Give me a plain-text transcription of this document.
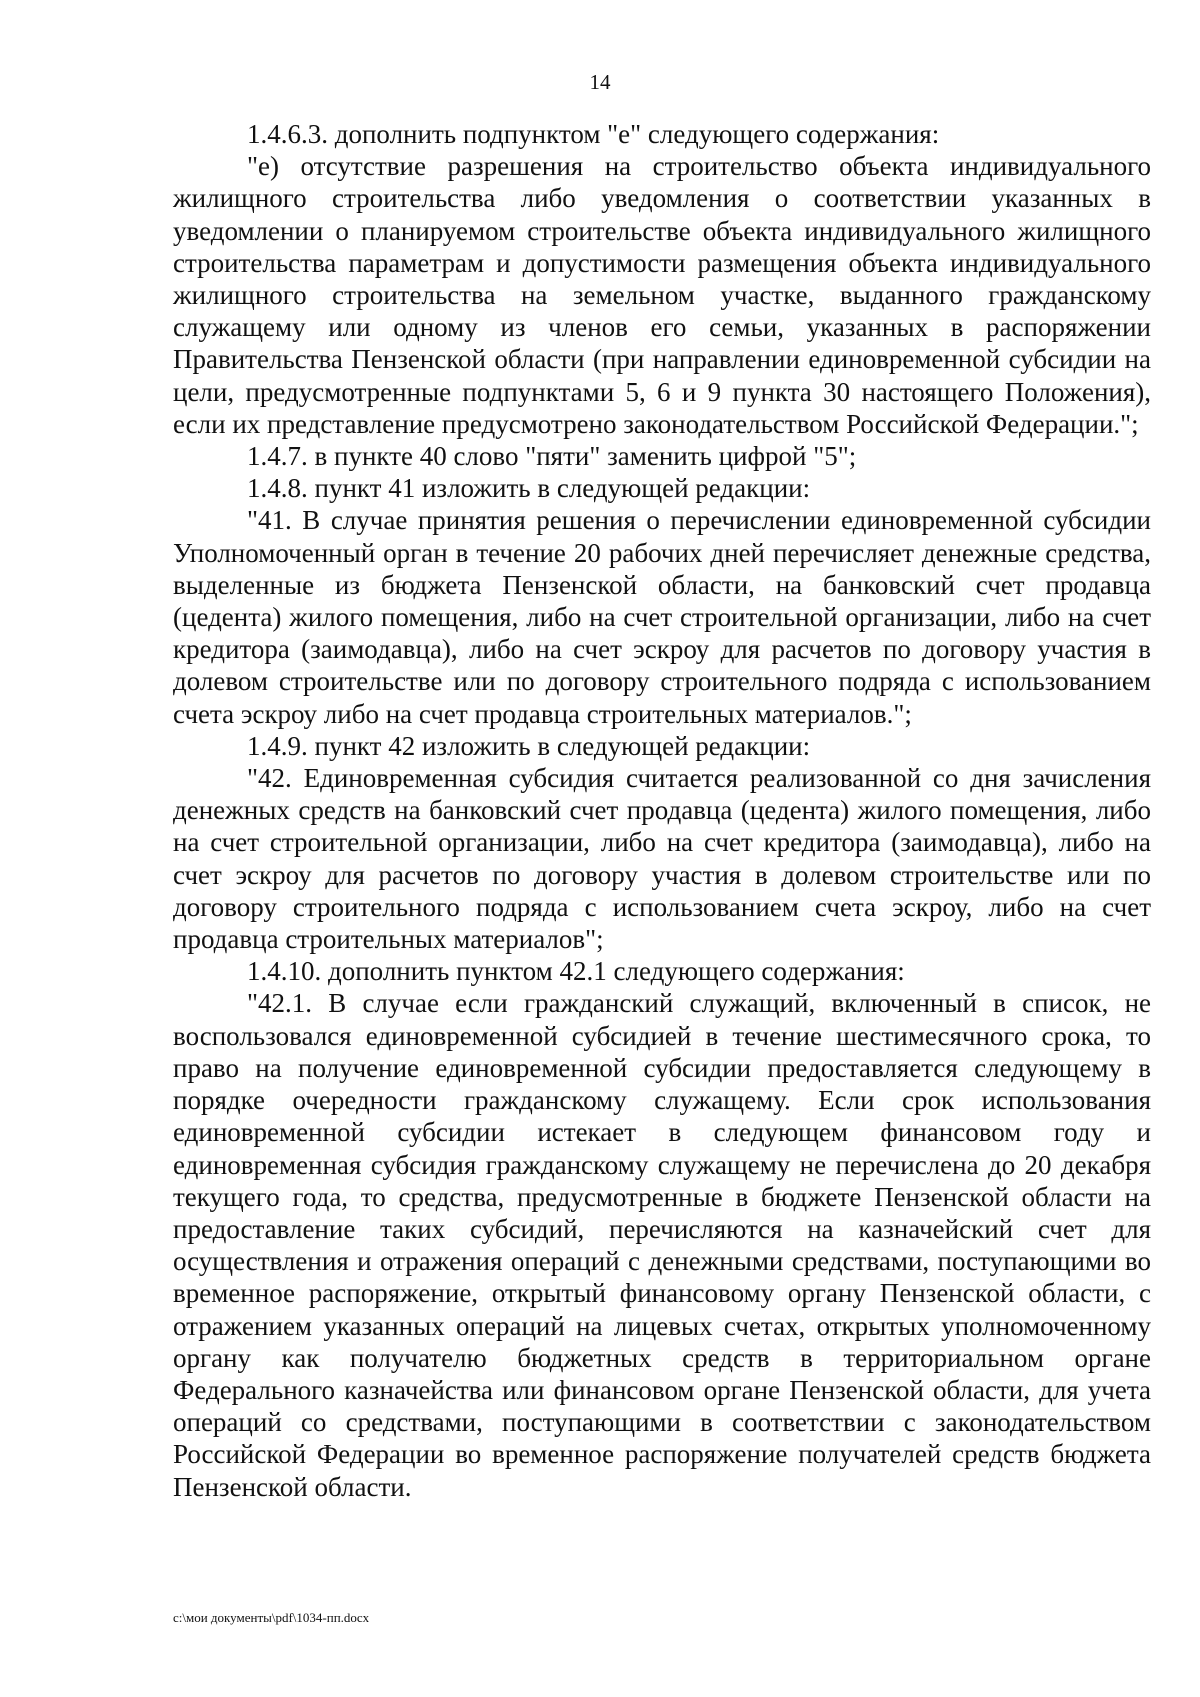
14

1.4.6.3. дополнить подпунктом "е" следующего содержания:

"е) отсутствие разрешения на строительство объекта индивидуального жилищного строительства либо уведомления о соответствии указанных в уведомлении о планируемом строительстве объекта индивидуального жилищного строительства параметрам и допустимости размещения объекта индивидуального жилищного строительства на земельном участке, выданного гражданскому служащему или одному из членов его семьи, указанных в распоряжении Правительства Пензенской области (при направлении единовременной субсидии на цели, предусмотренные подпунктами 5, 6 и 9 пункта 30 настоящего Положения), если их представление предусмотрено законодательством Российской Федерации.";

1.4.7. в пункте 40 слово "пяти" заменить цифрой "5";

1.4.8. пункт 41 изложить в следующей редакции:

"41. В случае принятия решения о перечислении единовременной субсидии Уполномоченный орган в течение 20 рабочих дней перечисляет денежные средства, выделенные из бюджета Пензенской области, на банковский счет продавца (цедента) жилого помещения, либо на счет строительной организации, либо на счет кредитора (заимодавца), либо на счет эскроу для расчетов по договору участия в долевом строительстве или по договору строительного подряда с использованием счета эскроу либо на счет продавца строительных материалов.";

1.4.9. пункт 42 изложить в следующей редакции:

"42. Единовременная субсидия считается реализованной со дня зачисления денежных средств на банковский счет продавца (цедента) жилого помещения, либо на счет строительной организации, либо на счет кредитора (заимодавца), либо на счет эскроу для расчетов по договору участия в долевом строительстве или по договору строительного подряда с использованием счета эскроу, либо на счет продавца строительных материалов";

1.4.10. дополнить пунктом 42.1 следующего содержания:

"42.1. В случае если гражданский служащий, включенный в список, не воспользовался единовременной субсидией в течение шестимесячного срока, то право на получение единовременной субсидии предоставляется следующему в порядке очередности гражданскому служащему. Если срок использования единовременной субсидии истекает в следующем финансовом году и единовременная субсидия гражданскому служащему не перечислена до 20 декабря текущего года, то средства, предусмотренные в бюджете Пензенской области на предоставление таких субсидий, перечисляются на казначейский счет для осуществления и отражения операций с денежными средствами, поступающими во временное распоряжение, открытый финансовому органу Пензенской области, с отражением указанных операций на лицевых счетах, открытых уполномоченному органу как получателю бюджетных средств в территориальном органе Федерального казначейства или финансовом органе Пензенской области, для учета операций со средствами, поступающими в соответствии с законодательством Российской Федерации во временное распоряжение получателей средств бюджета Пензенской области.

c:\мои документы\pdf\1034-пп.docx
